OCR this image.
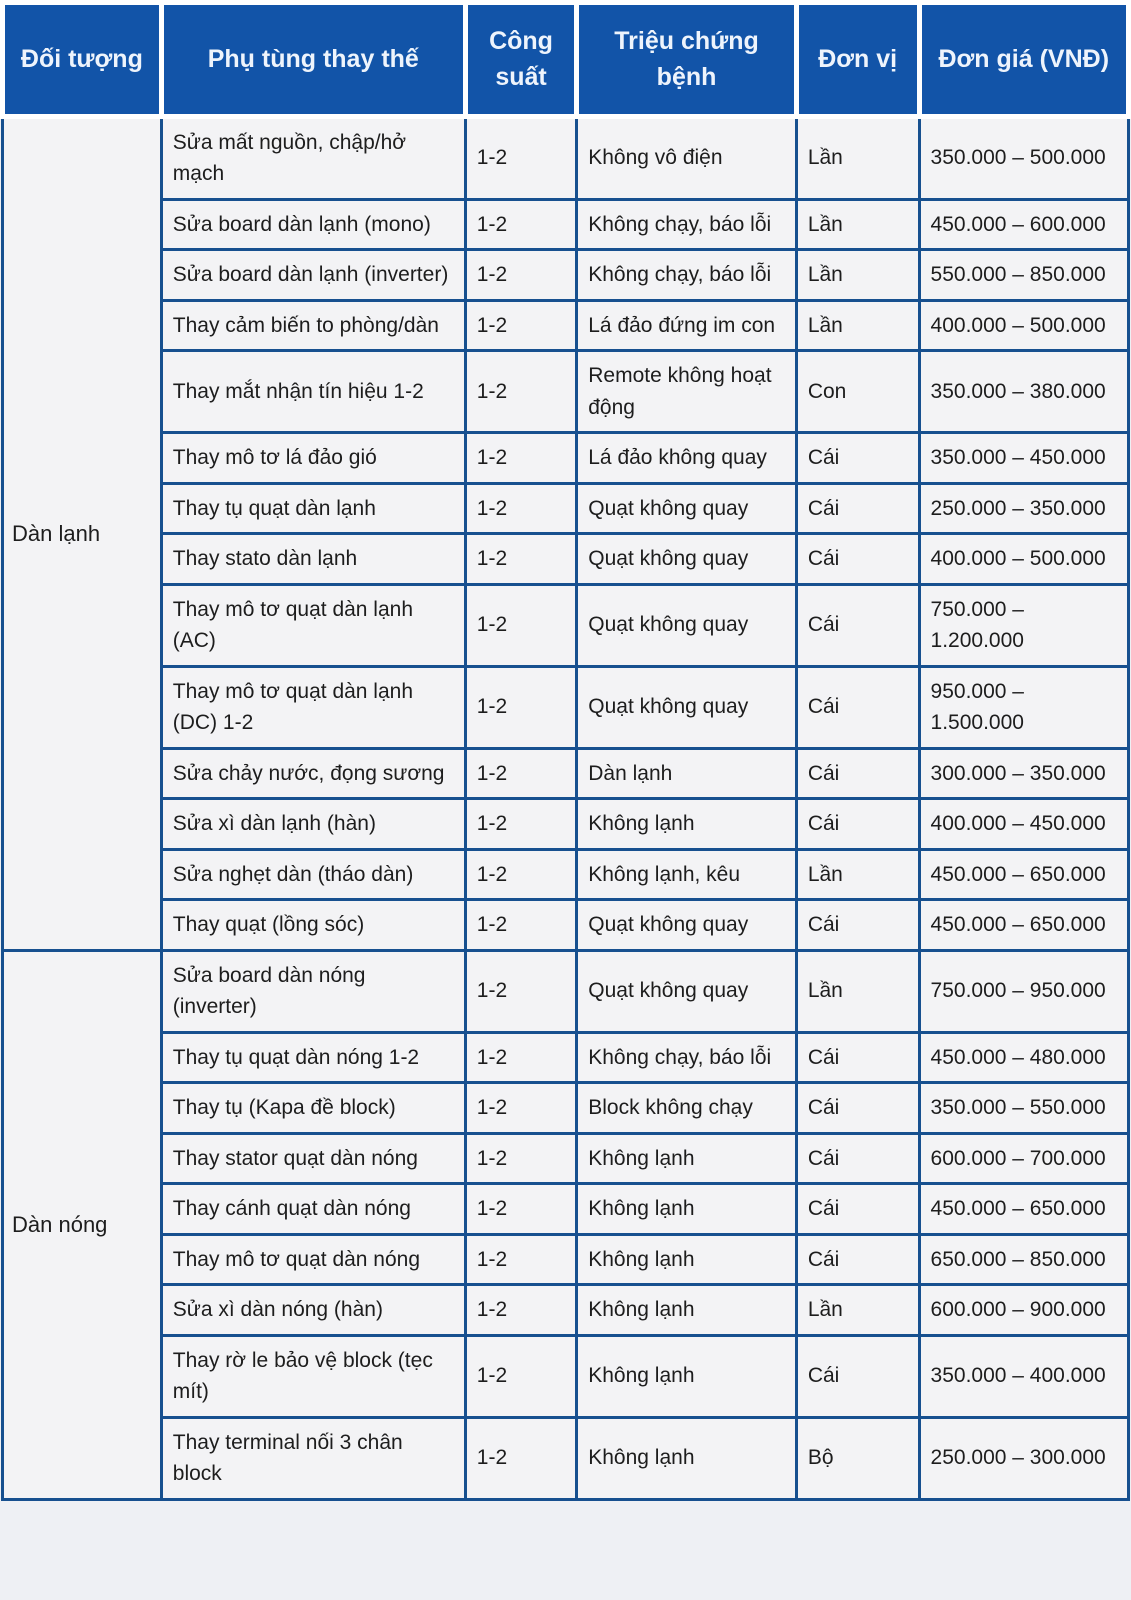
Đối tượng	Phụ tùng thay thế	Công suất	Triệu chứng bệnh	Đơn vị	Đơn giá (VNĐ)
Dàn lạnh	Sửa mất nguồn, chập/hở mạch	1-2	Không vô điện	Lần	350.000 – 500.000
	Sửa board dàn lạnh (mono)	1-2	Không chạy, báo lỗi	Lần	450.000 – 600.000
	Sửa board dàn lạnh (inverter)	1-2	Không chạy, báo lỗi	Lần	550.000 – 850.000
	Thay cảm biến to phòng/dàn	1-2	Lá đảo đứng im con	Lần	400.000 – 500.000
	Thay mắt nhận tín hiệu 1-2	1-2	Remote không hoạt động	Con	350.000 – 380.000
	Thay mô tơ lá đảo gió	1-2	Lá đảo không quay	Cái	350.000 – 450.000
	Thay tụ quạt dàn lạnh	1-2	Quạt không quay	Cái	250.000 – 350.000
	Thay stato dàn lạnh	1-2	Quạt không quay	Cái	400.000 – 500.000
	Thay mô tơ quạt dàn lạnh (AC)	1-2	Quạt không quay	Cái	750.000 – 1.200.000
	Thay mô tơ quạt dàn lạnh (DC) 1-2	1-2	Quạt không quay	Cái	950.000 – 1.500.000
	Sửa chảy nước, đọng sương	1-2	Dàn lạnh	Cái	300.000 – 350.000
	Sửa xì dàn lạnh (hàn)	1-2	Không lạnh	Cái	400.000 – 450.000
	Sửa nghẹt dàn (tháo dàn)	1-2	Không lạnh, kêu	Lần	450.000 – 650.000
	Thay quạt (lồng sóc)	1-2	Quạt không quay	Cái	450.000 – 650.000
Dàn nóng	Sửa board dàn nóng (inverter)	1-2	Quạt không quay	Lần	750.000 – 950.000
	Thay tụ quạt dàn nóng 1-2	1-2	Không chạy, báo lỗi	Cái	450.000 – 480.000
	Thay tụ (Kapa đề block)	1-2	Block không chạy	Cái	350.000 – 550.000
	Thay stator quạt dàn nóng	1-2	Không lạnh	Cái	600.000 – 700.000
	Thay cánh quạt dàn nóng	1-2	Không lạnh	Cái	450.000 – 650.000
	Thay mô tơ quạt dàn nóng	1-2	Không lạnh	Cái	650.000 – 850.000
	Sửa xì dàn nóng (hàn)	1-2	Không lạnh	Lần	600.000 – 900.000
	Thay rờ le bảo vệ block (tẹc mít)	1-2	Không lạnh	Cái	350.000 – 400.000
	Thay terminal nối 3 chân block	1-2	Không lạnh	Bộ	250.000 – 300.000
